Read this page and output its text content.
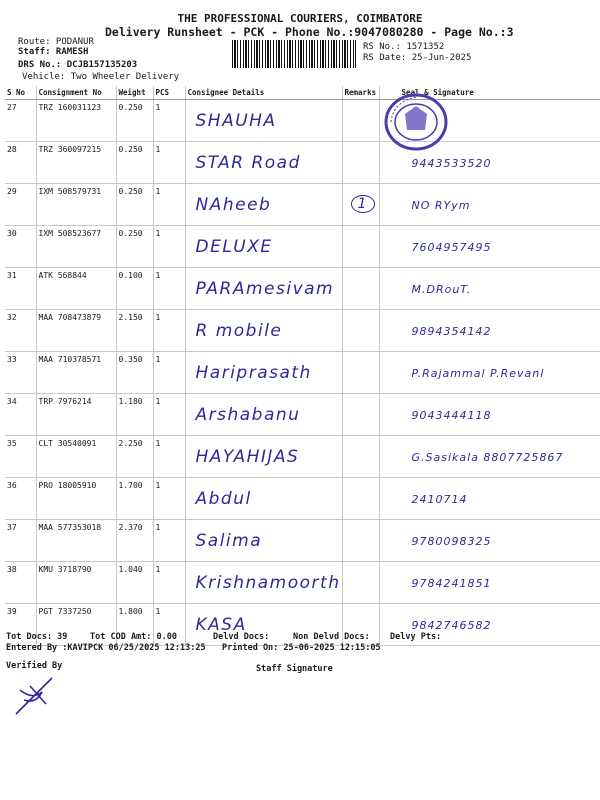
THE PROFESSIONAL COURIERS, COIMBATORE
Delivery Runsheet - PCK - Phone No.:9047080280 - Page No.:3
Route: PODANUR
Staff: RAMESH
DRS No.: DCJB157135203
Vehicle: Two Wheeler Delivery
RS No.: 1571352
RS Date: 25-Jun-2025
S No	Consignment No	Weight	PCS	Consignee Details	Remarks	Seal & Signature
27	TRZ 160031123	0.250	1	SHAUHA		
28	TRZ 360097215	0.250	1	STAR Road		9443533520
29	IXM 508579731	0.250	1	NAheeb	1	NO RYym
30	IXM 508523677	0.250	1	DELUXE		7604957495
31	ATK 568844	0.100	1	PARAmesivam		M.DRouT.
32	MAA 708473879	2.150	1	R mobile		9894354142
33	MAA 710378571	0.350	1	Hariprasath		P.Rajammal P.Revanl
34	TRP 7976214	1.180	1	Arshabanu		9043444118
35	CLT 30540091	2.250	1	HAYAHIJAS		G.Sasikala 8807725867
36	PRO 18005910	1.700	1	Abdul		2410714
37	MAA 577353018	2.370	1	Salima		9780098325
38	KMU 3718790	1.040	1	Krishnamoorth		9784241851
39	PGT 7337250	1.800	1	KASA		9842746582
Tot Docs: 39	Tot COD Amt: 0.00	Delvd Docs:	Non Delvd Docs: Delvy Pts:
Entered By :KAVIPCK 06/25/2025 12:13:25 Printed On: 25-06-2025 12:15:05
Verified By	Staff Signature
